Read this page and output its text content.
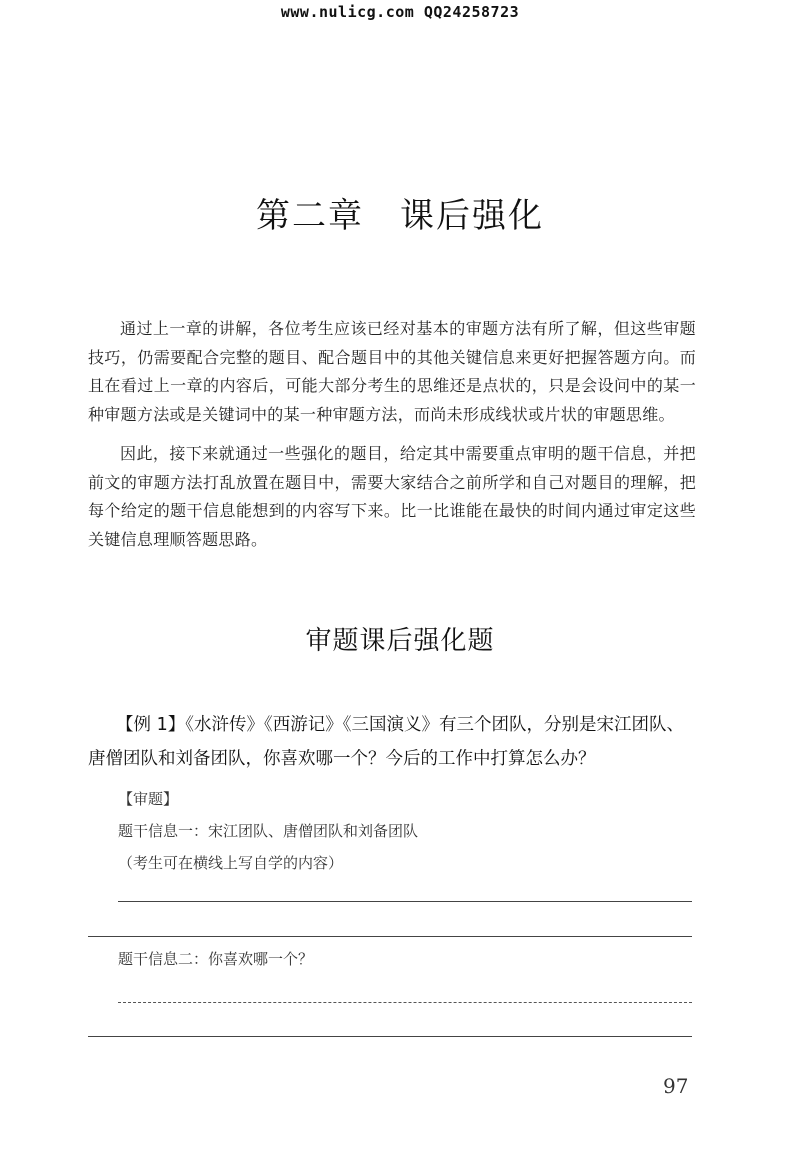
www.nulicg.com QQ24258723
第二章　课后强化
通过上一章的讲解，各位考生应该已经对基本的审题方法有所了解，但这些审题技巧，仍需要配合完整的题目、配合题目中的其他关键信息来更好把握答题方向。而且在看过上一章的内容后，可能大部分考生的思维还是点状的，只是会设问中的某一种审题方法或是关键词中的某一种审题方法，而尚未形成线状或片状的审题思维。
因此，接下来就通过一些强化的题目，给定其中需要重点审明的题干信息，并把前文的审题方法打乱放置在题目中，需要大家结合之前所学和自己对题目的理解，把每个给定的题干信息能想到的内容写下来。比一比谁能在最快的时间内通过审定这些关键信息理顺答题思路。
审题课后强化题
【例 1】《水浒传》《西游记》《三国演义》有三个团队，分别是宋江团队、唐僧团队和刘备团队，你喜欢哪一个？今后的工作中打算怎么办？
【审题】
题干信息一：宋江团队、唐僧团队和刘备团队
（考生可在横线上写自学的内容）
题干信息二：你喜欢哪一个？
97
